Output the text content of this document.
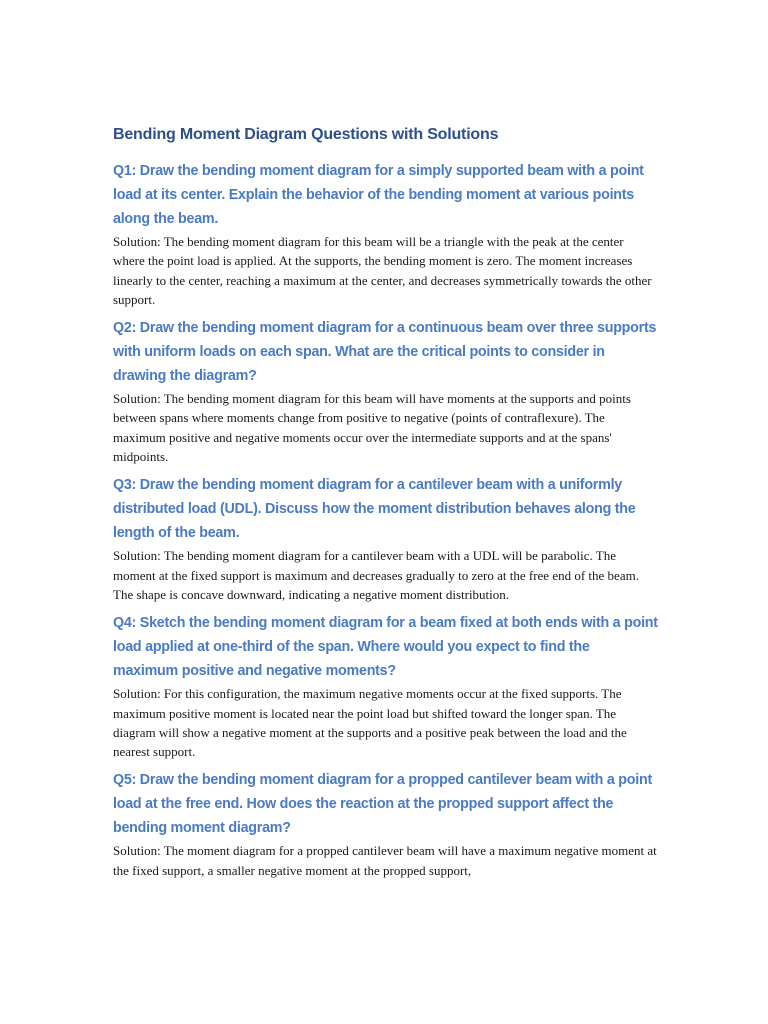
Bending Moment Diagram Questions with Solutions

Q1: Draw the bending moment diagram for a simply supported beam with a point load at its center. Explain the behavior of the bending moment at various points along the beam.

Solution: The bending moment diagram for this beam will be a triangle with the peak at the center where the point load is applied. At the supports, the bending moment is zero. The moment increases linearly to the center, reaching a maximum at the center, and decreases symmetrically towards the other support.

Q2: Draw the bending moment diagram for a continuous beam over three supports with uniform loads on each span. What are the critical points to consider in drawing the diagram?

Solution: The bending moment diagram for this beam will have moments at the supports and points between spans where moments change from positive to negative (points of contraflexure). The maximum positive and negative moments occur over the intermediate supports and at the spans' midpoints.

Q3: Draw the bending moment diagram for a cantilever beam with a uniformly distributed load (UDL). Discuss how the moment distribution behaves along the length of the beam.

Solution: The bending moment diagram for a cantilever beam with a UDL will be parabolic. The moment at the fixed support is maximum and decreases gradually to zero at the free end of the beam. The shape is concave downward, indicating a negative moment distribution.

Q4: Sketch the bending moment diagram for a beam fixed at both ends with a point load applied at one-third of the span. Where would you expect to find the maximum positive and negative moments?

Solution: For this configuration, the maximum negative moments occur at the fixed supports. The maximum positive moment is located near the point load but shifted toward the longer span. The diagram will show a negative moment at the supports and a positive peak between the load and the nearest support.

Q5: Draw the bending moment diagram for a propped cantilever beam with a point load at the free end. How does the reaction at the propped support affect the bending moment diagram?

Solution: The moment diagram for a propped cantilever beam will have a maximum negative moment at the fixed support, a smaller negative moment at the propped support,
